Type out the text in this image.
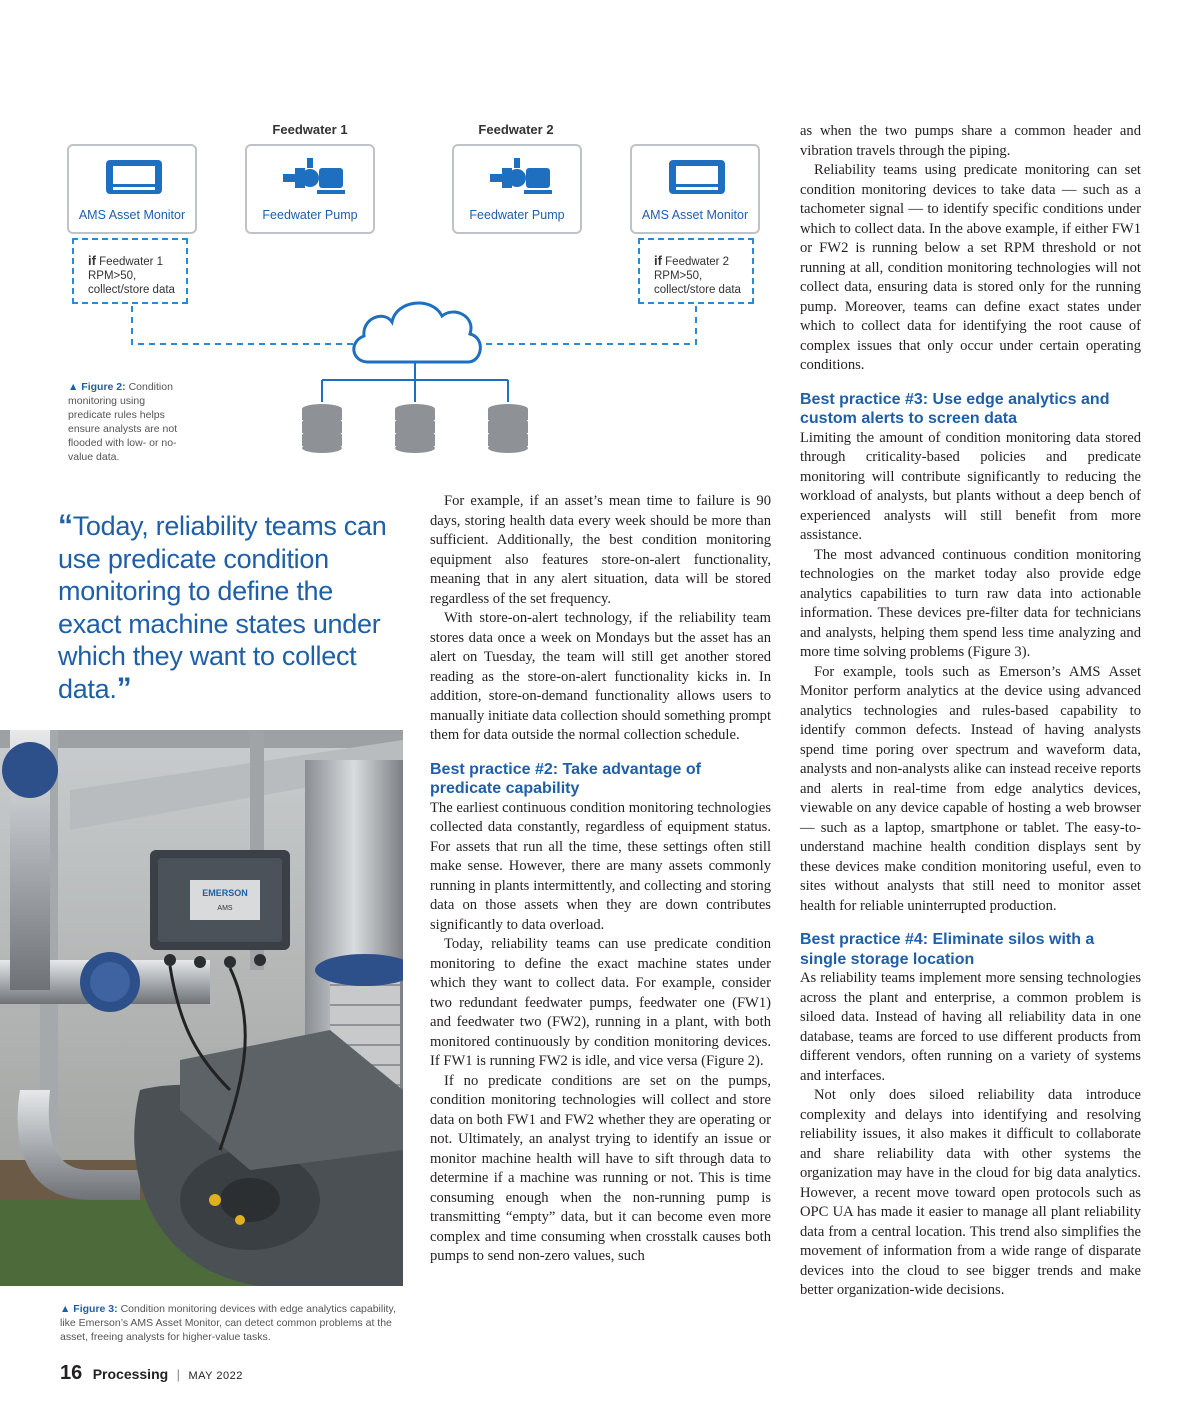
Feedwater 1	Feedwater 2
AMS Asset Monitor	Feedwater Pump	Feedwater Pump	AMS Asset Monitor
if Feedwater 1
RPM>50,
collect/store data
if Feedwater 2
RPM>50,
collect/store data
▲ Figure 2: Condition monitoring using predicate rules helps ensure analysts are not flooded with low- or no-value data.
“Today, reliability teams can use predicate condition monitoring to define the exact machine states under which they want to collect data.”
EMERSON
AMS
▲ Figure 3: Condition monitoring devices with edge analytics capability, like Emerson’s AMS Asset Monitor, can detect common problems at the asset, freeing analysts for higher-value tasks.

For example, if an asset’s mean time to failure is 90 days, storing health data every week should be more than sufficient. Additionally, the best condition monitoring equipment also features store-on-alert functionality, meaning that in any alert situation, data will be stored regardless of the set frequency.

With store-on-alert technology, if the reliability team stores data once a week on Mondays but the asset has an alert on Tuesday, the team will still get another stored reading as the store-on-alert functionality kicks in. In addition, store-on-demand functionality allows users to manually initiate data collection should something prompt them for data outside the normal collection schedule.

Best practice #2: Take advantage of predicate capability

The earliest continuous condition monitoring technologies collected data constantly, regardless of equipment status. For assets that run all the time, these settings often still make sense. However, there are many assets commonly running in plants intermittently, and collecting and storing data on those assets when they are down contributes significantly to data overload.

Today, reliability teams can use predicate condition monitoring to define the exact machine states under which they want to collect data. For example, consider two redundant feedwater pumps, feedwater one (FW1) and feedwater two (FW2), running in a plant, with both monitored continuously by condition monitoring devices. If FW1 is running FW2 is idle, and vice versa (Figure 2).

If no predicate conditions are set on the pumps, condition monitoring technologies will collect and store data on both FW1 and FW2 whether they are operating or not. Ultimately, an analyst trying to identify an issue or monitor machine health will have to sift through data to determine if a machine was running or not. This is time consuming enough when the non-running pump is transmitting “empty” data, but it can become even more complex and time consuming when crosstalk causes both pumps to send non-zero values, such

as when the two pumps share a common header and vibration travels through the piping.

Reliability teams using predicate monitoring can set condition monitoring devices to take data — such as a tachometer signal — to identify specific conditions under which to collect data. In the above example, if either FW1 or FW2 is running below a set RPM threshold or not running at all, condition monitoring technologies will not collect data, ensuring data is stored only for the running pump. Moreover, teams can define exact states under which to collect data for identifying the root cause of complex issues that only occur under certain operating conditions.

Best practice #3: Use edge analytics and custom alerts to screen data

Limiting the amount of condition monitoring data stored through criticality-based policies and predicate monitoring will contribute significantly to reducing the workload of analysts, but plants without a deep bench of experienced analysts will still benefit from more assistance.

The most advanced continuous condition monitoring technologies on the market today also provide edge analytics capabilities to turn raw data into actionable information. These devices pre-filter data for technicians and analysts, helping them spend less time analyzing and more time solving problems (Figure 3).

For example, tools such as Emerson’s AMS Asset Monitor perform analytics at the device using advanced analytics technologies and rules-based capability to identify common defects. Instead of having analysts spend time poring over spectrum and waveform data, analysts and non-analysts alike can instead receive reports and alerts in real-time from edge analytics devices, viewable on any device capable of hosting a web browser — such as a laptop, smartphone or tablet. The easy-to-understand machine health condition displays sent by these devices make condition monitoring useful, even to sites without analysts that still need to monitor asset health for reliable uninterrupted production.

Best practice #4: Eliminate silos with a single storage location

As reliability teams implement more sensing technologies across the plant and enterprise, a common problem is siloed data. Instead of having all reliability data in one database, teams are forced to use different products from different vendors, often running on a variety of systems and interfaces.

Not only does siloed reliability data introduce complexity and delays into identifying and resolving reliability issues, it also makes it difficult to collaborate and share reliability data with other systems the organization may have in the cloud for big data analytics. However, a recent move toward open protocols such as OPC UA has made it easier to manage all plant reliability data from a central location. This trend also simplifies the movement of information from a wide range of disparate devices into the cloud to see bigger trends and make better organization-wide decisions.

16 Processing | MAY 2022
